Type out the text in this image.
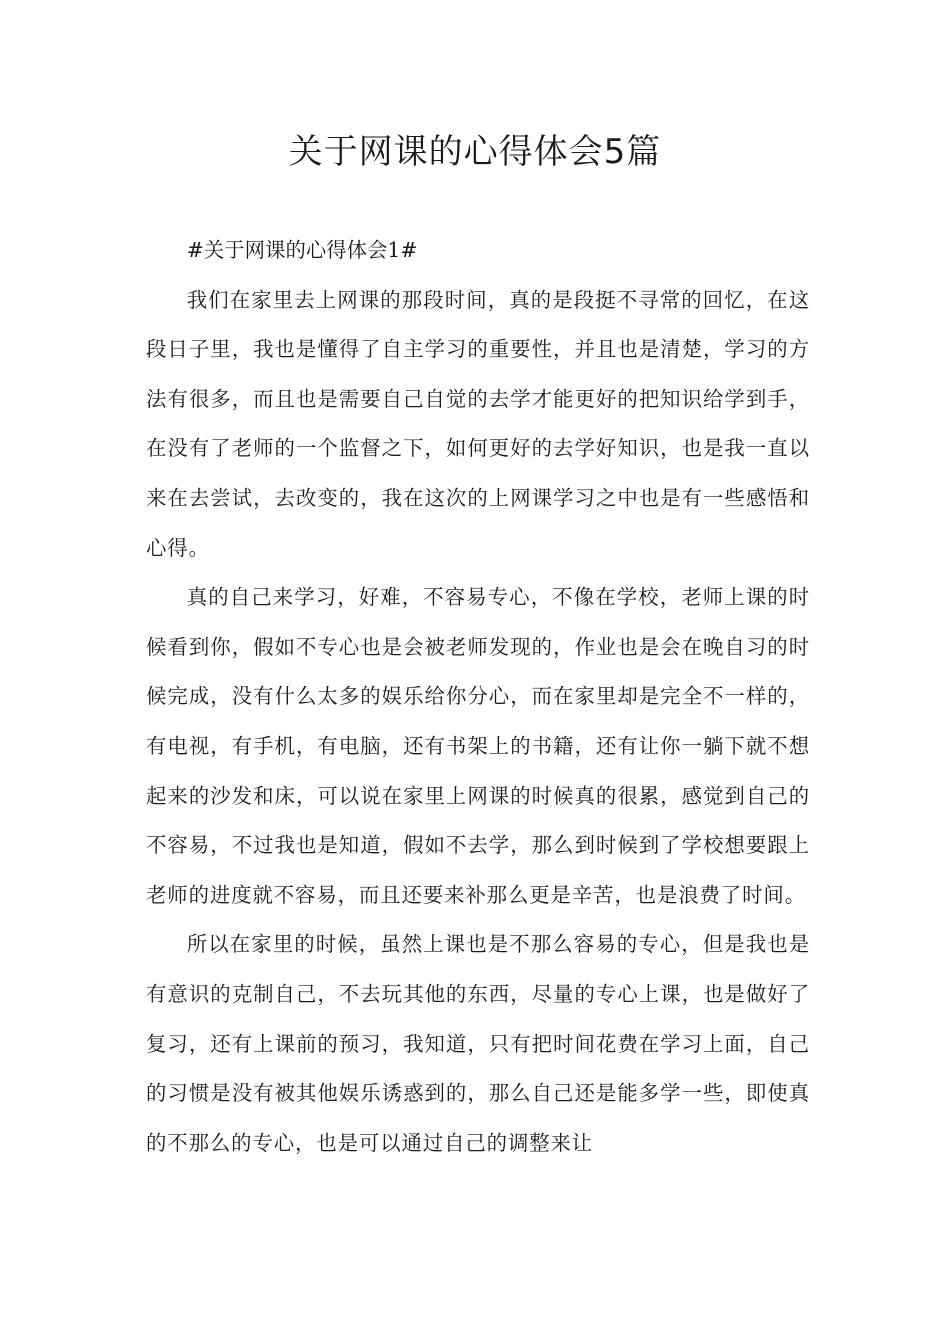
关于网课的心得体会5篇

#关于网课的心得体会1#

我们在家里去上网课的那段时间，真的是段挺不寻常的回忆，在这段日子里，我也是懂得了自主学习的重要性，并且也是清楚，学习的方法有很多，而且也是需要自己自觉的去学才能更好的把知识给学到手，在没有了老师的一个监督之下，如何更好的去学好知识，也是我一直以来在去尝试，去改变的，我在这次的上网课学习之中也是有一些感悟和心得。

真的自己来学习，好难，不容易专心，不像在学校，老师上课的时候看到你，假如不专心也是会被老师发现的，作业也是会在晚自习的时候完成，没有什么太多的娱乐给你分心，而在家里却是完全不一样的，有电视，有手机，有电脑，还有书架上的书籍，还有让你一躺下就不想起来的沙发和床，可以说在家里上网课的时候真的很累，感觉到自己的不容易，不过我也是知道，假如不去学，那么到时候到了学校想要跟上老师的进度就不容易，而且还要来补那么更是辛苦，也是浪费了时间。

所以在家里的时候，虽然上课也是不那么容易的专心，但是我也是有意识的克制自己，不去玩其他的东西，尽量的专心上课，也是做好了复习，还有上课前的预习，我知道，只有把时间花费在学习上面，自己的习惯是没有被其他娱乐诱惑到的，那么自己还是能多学一些，即使真的不那么的专心，也是可以通过自己的调整来让
